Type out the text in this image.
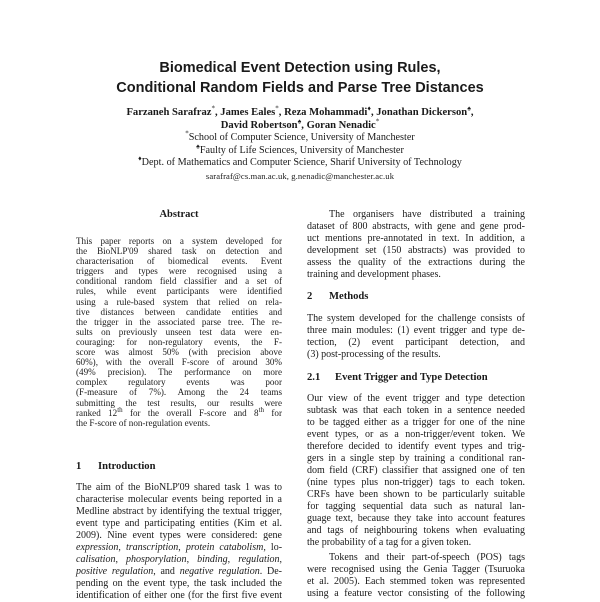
Biomedical Event Detection using Rules,
Conditional Random Fields and Parse Tree Distances
Farzaneh Sarafraz*, James Eales*, Reza Mohammadi♦, Jonathan Dickerson♠,
David Robertson♠, Goran Nenadic*
*School of Computer Science, University of Manchester
♠Faulty of Life Sciences, University of Manchester
♦Dept. of Mathematics and Computer Science, Sharif University of Technology
sarafraf@cs.man.ac.uk, g.nenadic@manchester.ac.uk
Abstract
This paper reports on a system developed for
the BioNLP'09 shared task on detection and
characterisation of biomedical events. Event
triggers and types were recognised using a
conditional random field classifier and a set of
rules, while event participants were identified
using a rule-based system that relied on rela-
tive distances between candidate entities and
the trigger in the associated parse tree. The re-
sults on previously unseen test data were en-
couraging: for non-regulatory events, the F-
score was almost 50% (with precision above
60%), with the overall F-score of around 30%
(49% precision). The performance on more
complex regulatory events was poor
(F-measure of 7%). Among the 24 teams
submitting the test results, our results were
ranked 12th for the overall F-score and 8th for
the F-score of non-regulation events.
1 Introduction
The aim of the BioNLP'09 shared task 1 was to
characterise molecular events being reported in a
Medline abstract by identifying the textual trigger,
event type and participating entities (Kim et al.
2009). Nine event types were considered: gene
expression, transcription, protein catabolism, lo-
calisation, phosporylation, binding, regulation,
positive regulation, and negative regulation. De-
pending on the event type, the task included the
identification of either one (for the first five event
The organisers have distributed a training
dataset of 800 abstracts, with gene and gene prod-
uct mentions pre-annotated in text. In addition, a
development set (150 abstracts) was provided to
assess the quality of the extractions during the
training and development phases.
2 Methods
The system developed for the challenge consists of
three main modules: (1) event trigger and type de-
tection, (2) event participant detection, and
(3) post-processing of the results.
2.1 Event Trigger and Type Detection
Our view of the event trigger and type detection
subtask was that each token in a sentence needed
to be tagged either as a trigger for one of the nine
event types, or as a non-trigger/event token. We
therefore decided to identify event types and trig-
gers in a single step by training a conditional ran-
dom field (CRF) classifier that assigned one of ten
(nine types plus non-trigger) tags to each token.
CRFs have been shown to be particularly suitable
for tagging sequential data such as natural lan-
guage text, because they take into account features
and tags of neighbouring tokens when evaluating
the probability of a tag for a given token.
Tokens and their part-of-speech (POS) tags
were recognised using the Genia Tagger (Tsuruoka
et al. 2005). Each stemmed token was represented
using a feature vector consisting of the following
